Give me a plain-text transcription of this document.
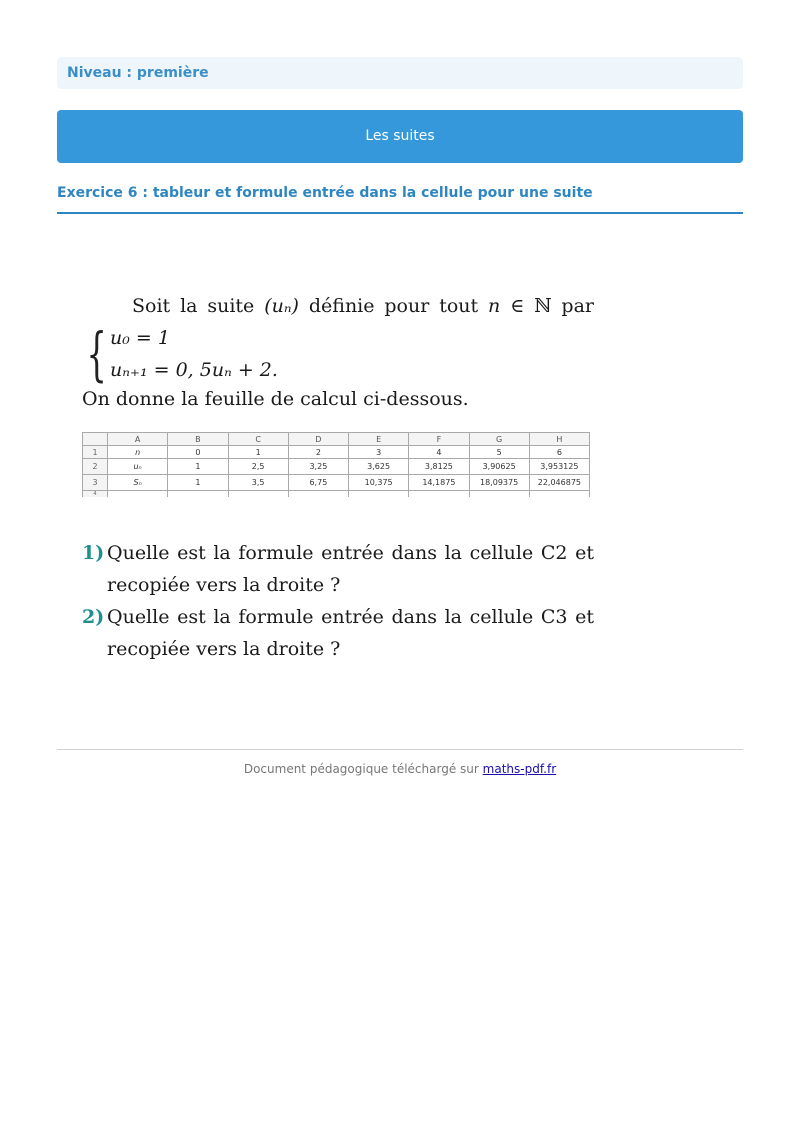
Niveau : première
Les suites
Exercice 6 : tableur et formule entrée dans la cellule pour une suite
Soit la suite (uₙ) définie pour tout n ∈ ℕ par
{ u₀ = 1
uₙ₊₁ = 0, 5uₙ + 2.
On donne la feuille de calcul ci-dessous.
	A	B	C	D	E	F	G	H
1	n	0	1	2	3	4	5	6
2	uₙ	1	2,5	3,25	3,625	3,8125	3,90625	3,953125
3	Sₙ	1	3,5	6,75	10,375	14,1875	18,09375	22,046875
4								
1) Quelle est la formule entrée dans la cellule C2 et recopiée vers la droite ?
2) Quelle est la formule entrée dans la cellule C3 et recopiée vers la droite ?
Document pédagogique téléchargé sur maths-pdf.fr
